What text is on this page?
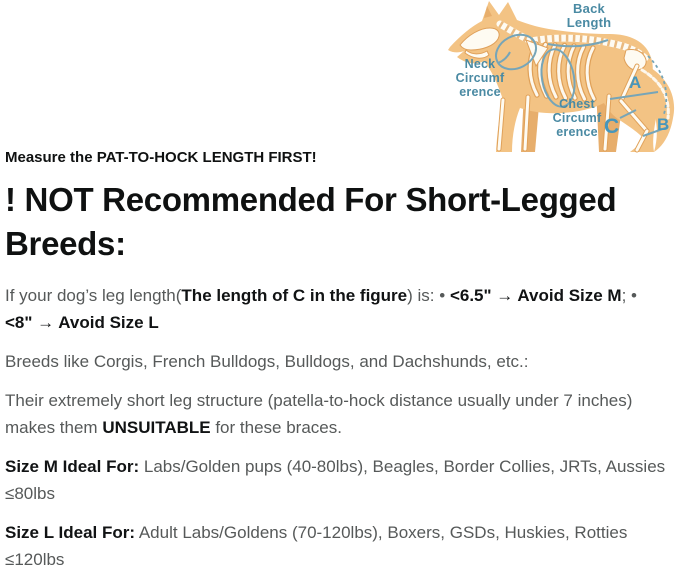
Back
Length
Neck
Circumf
erence
Chest
Circumf
erence
A
B
C

Measure the PAT-TO-HOCK LENGTH FIRST!

! NOT Recommended For Short-Legged Breeds:

If your dog’s leg length(The length of C in the figure) is: • <6.5" → Avoid Size M; • <8" → Avoid Size L

Breeds like Corgis, French Bulldogs, Bulldogs, and Dachshunds, etc.:

Their extremely short leg structure (patella-to-hock distance usually under 7 inches) makes them UNSUITABLE for these braces.

Size M Ideal For: Labs/Golden pups (40-80lbs), Beagles, Border Collies, JRTs, Aussies ≤80lbs

Size L Ideal For: Adult Labs/Goldens (70-120lbs), Boxers, GSDs, Huskies, Rotties ≤120lbs
